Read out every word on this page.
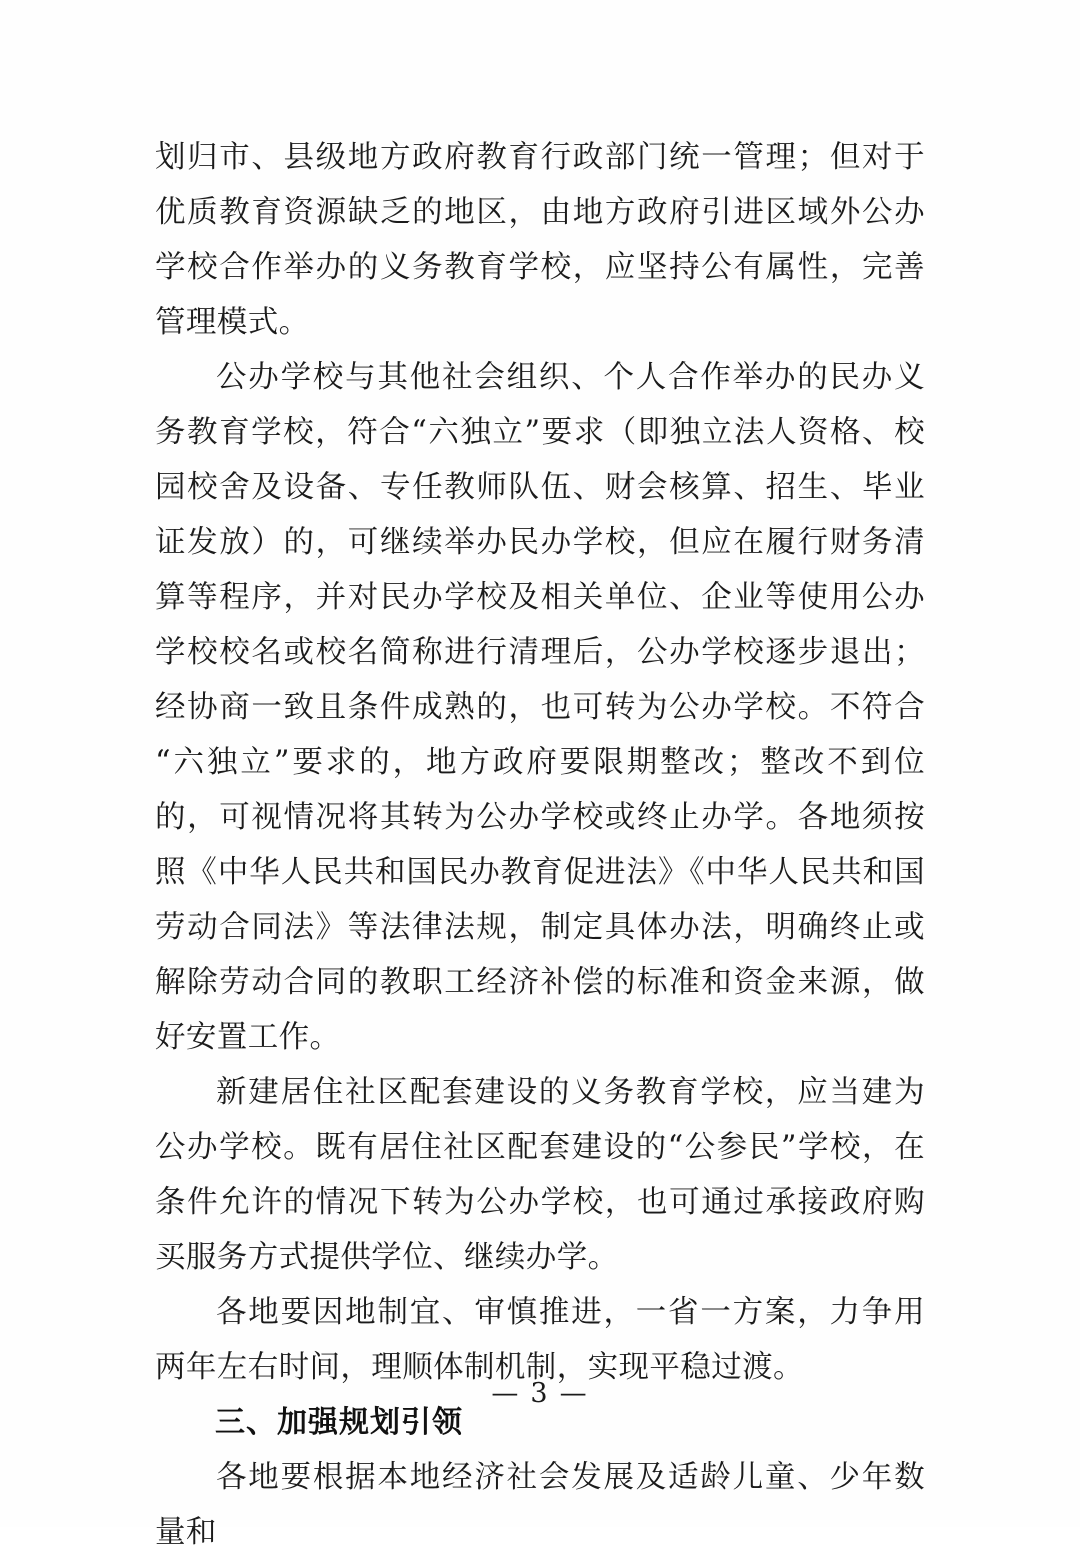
划归市、县级地方政府教育行政部门统一管理；但对于优质教育资源缺乏的地区，由地方政府引进区域外公办学校合作举办的义务教育学校，应坚持公有属性，完善管理模式。

公办学校与其他社会组织、个人合作举办的民办义务教育学校，符合“六独立”要求（即独立法人资格、校园校舍及设备、专任教师队伍、财会核算、招生、毕业证发放）的，可继续举办民办学校，但应在履行财务清算等程序，并对民办学校及相关单位、企业等使用公办学校校名或校名简称进行清理后，公办学校逐步退出；经协商一致且条件成熟的，也可转为公办学校。不符合“六独立”要求的，地方政府要限期整改；整改不到位的，可视情况将其转为公办学校或终止办学。各地须按照《中华人民共和国民办教育促进法》《中华人民共和国劳动合同法》等法律法规，制定具体办法，明确终止或解除劳动合同的教职工经济补偿的标准和资金来源，做好安置工作。

新建居住社区配套建设的义务教育学校，应当建为公办学校。既有居住社区配套建设的“公参民”学校，在条件允许的情况下转为公办学校，也可通过承接政府购买服务方式提供学位、继续办学。

各地要因地制宜、审慎推进，一省一方案，力争用两年左右时间，理顺体制机制，实现平稳过渡。

三、加强规划引领

各地要根据本地经济社会发展及适龄儿童、少年数量和

— 3 —
